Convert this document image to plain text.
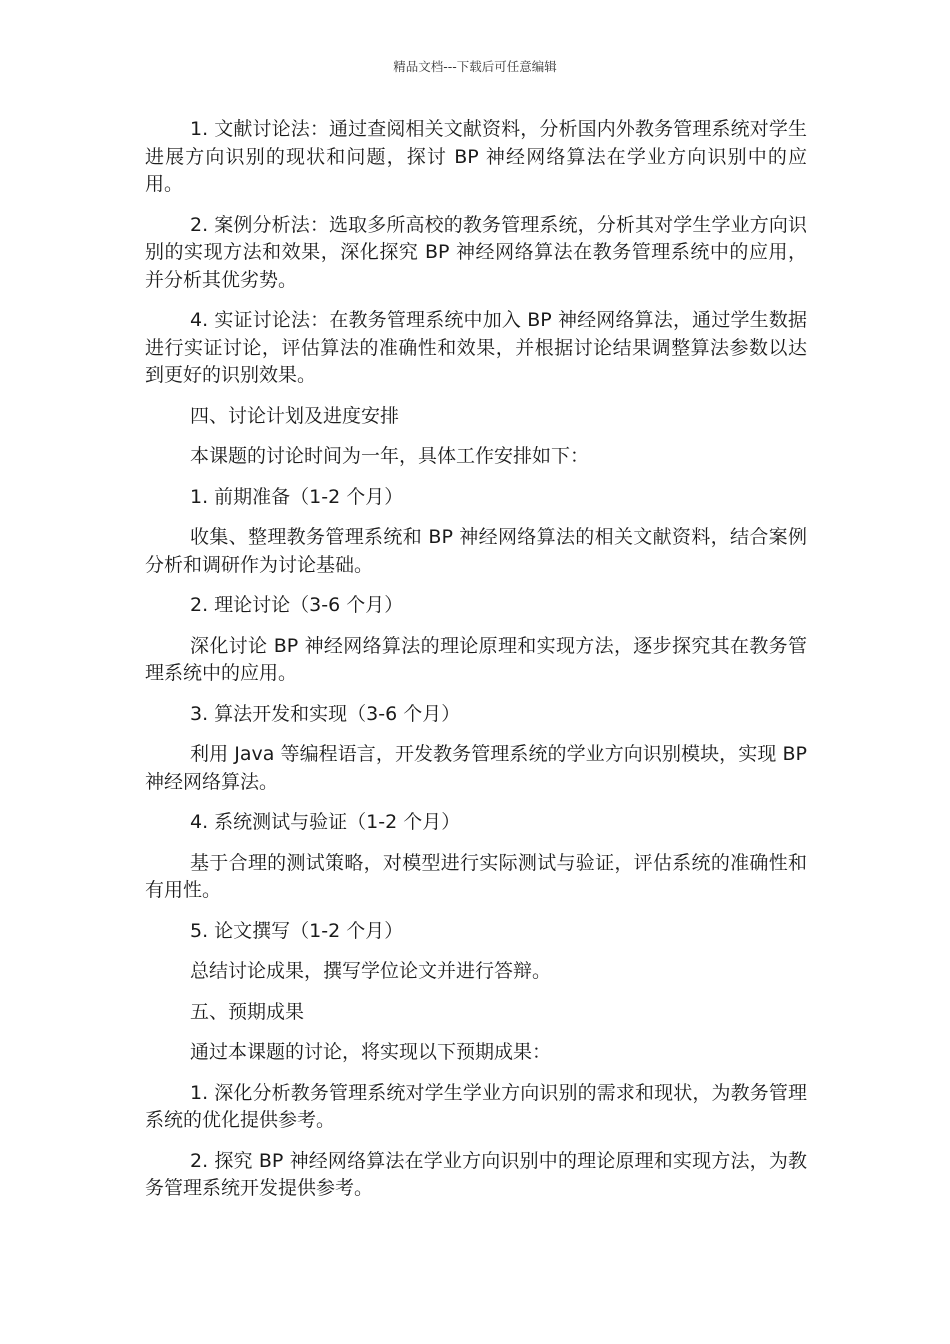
精品文档---下载后可任意编辑

1. 文献讨论法：通过查阅相关文献资料，分析国内外教务管理系统对学生进展方向识别的现状和问题，探讨 BP 神经网络算法在学业方向识别中的应用。

2. 案例分析法：选取多所高校的教务管理系统，分析其对学生学业方向识别的实现方法和效果，深化探究 BP 神经网络算法在教务管理系统中的应用，并分析其优劣势。

4. 实证讨论法：在教务管理系统中加入 BP 神经网络算法，通过学生数据进行实证讨论，评估算法的准确性和效果，并根据讨论结果调整算法参数以达到更好的识别效果。

四、讨论计划及进度安排

本课题的讨论时间为一年，具体工作安排如下：

1. 前期准备（1-2 个月）

收集、整理教务管理系统和 BP 神经网络算法的相关文献资料，结合案例分析和调研作为讨论基础。

2. 理论讨论（3-6 个月）

深化讨论 BP 神经网络算法的理论原理和实现方法，逐步探究其在教务管理系统中的应用。

3. 算法开发和实现（3-6 个月）

利用 Java 等编程语言，开发教务管理系统的学业方向识别模块，实现 BP 神经网络算法。

4. 系统测试与验证（1-2 个月）

基于合理的测试策略，对模型进行实际测试与验证，评估系统的准确性和有用性。

5. 论文撰写（1-2 个月）

总结讨论成果，撰写学位论文并进行答辩。

五、预期成果

通过本课题的讨论，将实现以下预期成果：

1. 深化分析教务管理系统对学生学业方向识别的需求和现状，为教务管理系统的优化提供参考。

2. 探究 BP 神经网络算法在学业方向识别中的理论原理和实现方法，为教务管理系统开发提供参考。
